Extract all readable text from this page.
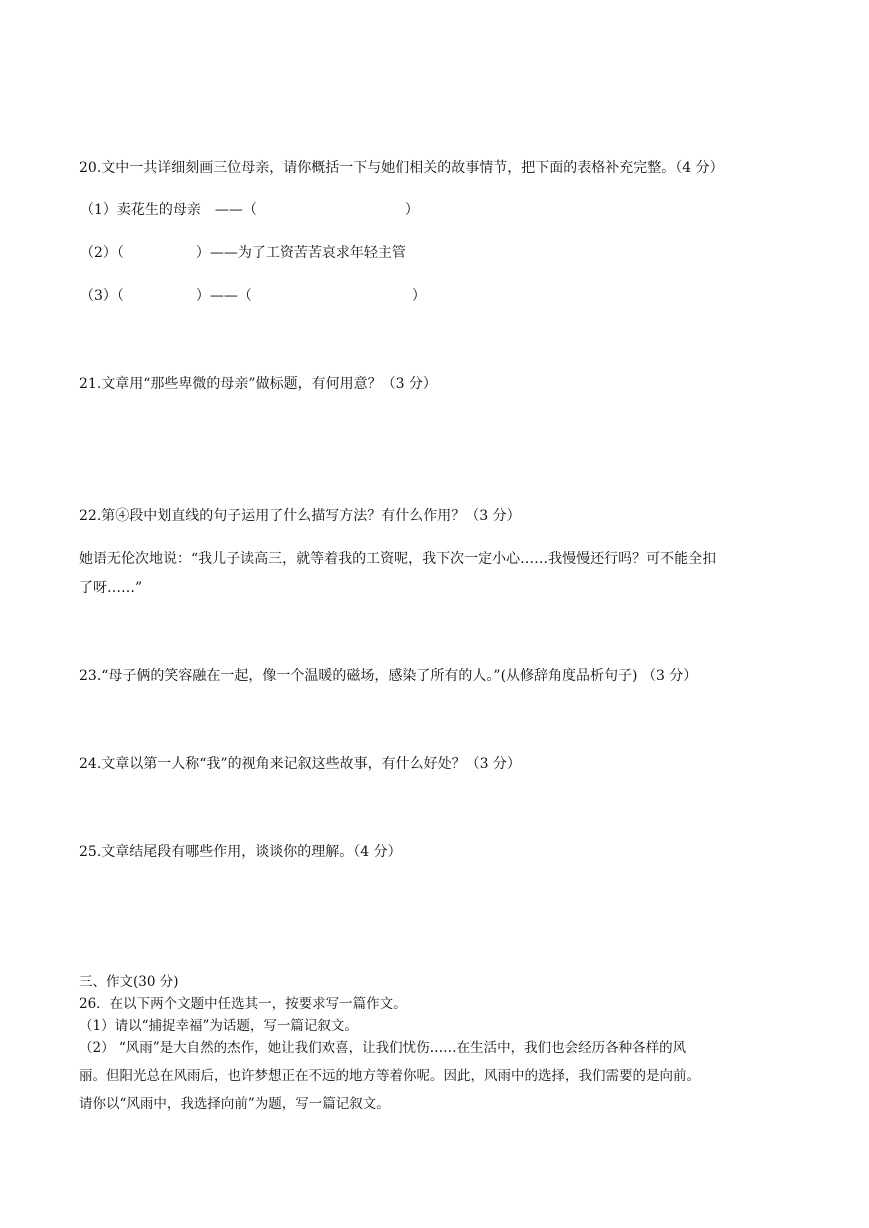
20.文中一共详细刻画三位母亲，请你概括一下与她们相关的故事情节，把下面的表格补充完整。（4 分）
（1）卖花生的母亲 ——（	）
（2）（	）——为了工资苦苦哀求年轻主管
（3）（	）——（	）
21.文章用“那些卑微的母亲”做标题，有何用意？（3 分）
22.第④段中划直线的句子运用了什么描写方法？有什么作用？（3 分）
她语无伦次地说：“我儿子读高三，就等着我的工资呢，我下次一定小心……我慢慢还行吗？可不能全扣
了呀……”
23.“母子俩的笑容融在一起，像一个温暖的磁场，感染了所有的人。”(从修辞角度品析句子) （3 分）
24.文章以第一人称“我”的视角来记叙这些故事，有什么好处？（3 分）
25.文章结尾段有哪些作用，谈谈你的理解。（4 分）
三、作文(30 分)
26．在以下两个文题中任选其一，按要求写一篇作文。
（1）请以“捕捉幸福”为话题，写一篇记叙文。
（2） “风雨”是大自然的杰作，她让我们欢喜，让我们忧伤……在生活中，我们也会经历各种各样的风
丽。但阳光总在风雨后，也许梦想正在不远的地方等着你呢。因此，风雨中的选择，我们需要的是向前。
请你以“风雨中，我选择向前”为题，写一篇记叙文。
